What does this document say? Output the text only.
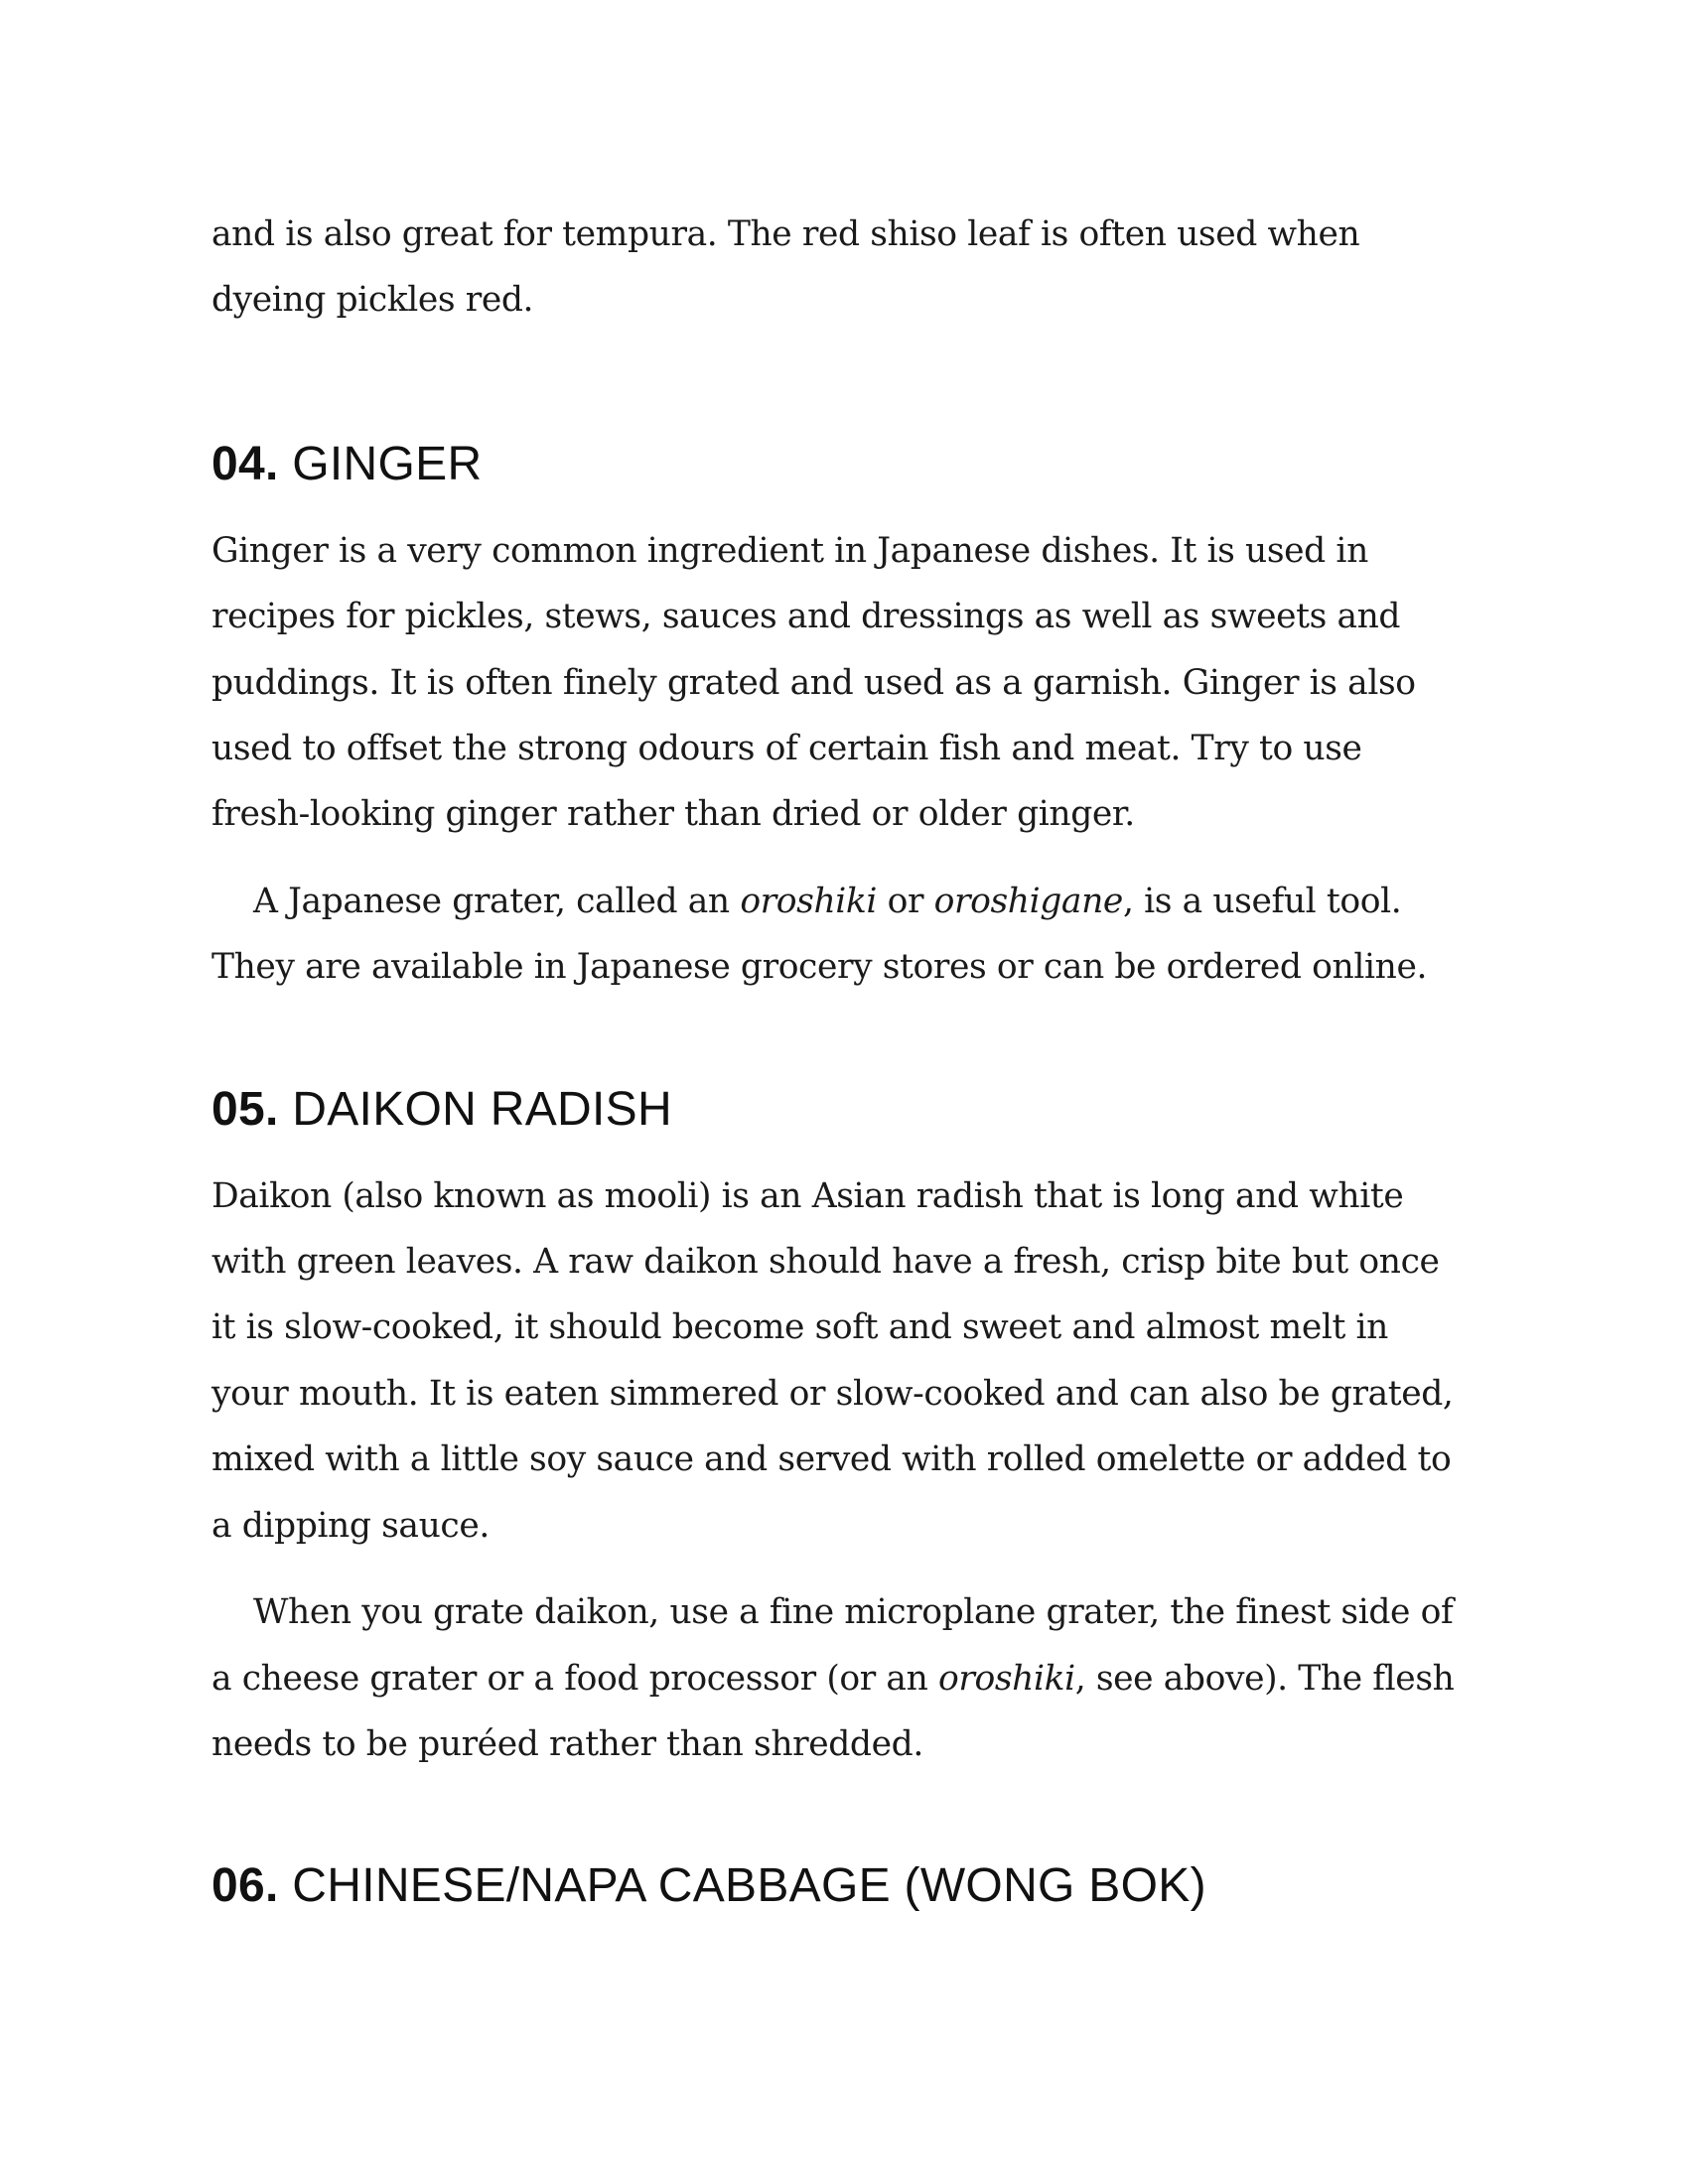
and is also great for tempura. The red shiso leaf is often used when
dyeing pickles red.

04. GINGER

Ginger is a very common ingredient in Japanese dishes. It is used in
recipes for pickles, stews, sauces and dressings as well as sweets and
puddings. It is often finely grated and used as a garnish. Ginger is also
used to offset the strong odours of certain fish and meat. Try to use
fresh-looking ginger rather than dried or older ginger.

A Japanese grater, called an oroshiki or oroshigane, is a useful tool.
They are available in Japanese grocery stores or can be ordered online.

05. DAIKON RADISH

Daikon (also known as mooli) is an Asian radish that is long and white
with green leaves. A raw daikon should have a fresh, crisp bite but once
it is slow-cooked, it should become soft and sweet and almost melt in
your mouth. It is eaten simmered or slow-cooked and can also be grated,
mixed with a little soy sauce and served with rolled omelette or added to
a dipping sauce.

When you grate daikon, use a fine microplane grater, the finest side of
a cheese grater or a food processor (or an oroshiki, see above). The flesh
needs to be puréed rather than shredded.

06. CHINESE/NAPA CABBAGE (WONG BOK)
